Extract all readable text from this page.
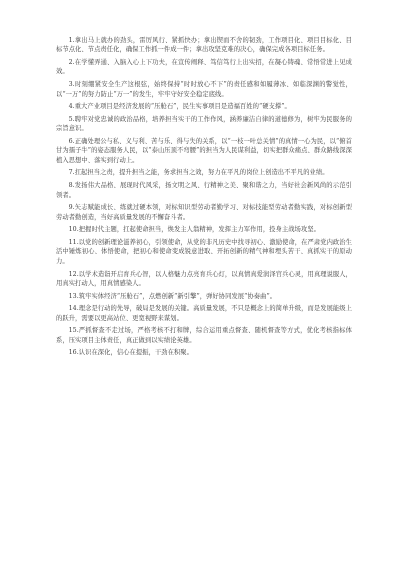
1.拿出马上就办的劲头，雷厉风行、紧抓快办；拿出锲而不舍的韧劲，工作项目化、项目目标化、目标节点化、节点责任化，确保工作抓一件成一件；拿出攻坚克难的决心，确保完成各项目标任务。

2.在学懂弄通、入脑入心上下功夫，在宣传阐释、笃信笃行上出实招，在凝心铸魂、常悟常进上见成效。

3.时刻绷紧安全生产这根弦，始终保持“时时放心不下”的责任感和如履薄冰、如临深渊的警觉性，以“一万”的努力防止“万一”的发生，牢牢守好安全稳定底线。

4.重大产业项目是经济发展的“压舱石”，民生实事项目是造福百姓的“硬支撑”。

5.聘牢对党忠诚的政治品格，培养担当实干的工作作风，涵养廉洁自律的道德修为，树牢为民服务的宗旨意识。

6.正确处理公与私、义与利、苦与乐、得与失的关系，以“一枝一叶总关情”的真情一心为民，以“俯首甘为孺子牛”的姿态服务人民，以“泰山压顶不弯腰”的担当为人民谋利益，切实把群众痛点、群众路线深深植入思想中、落实到行动上。

7.扛起担当之责，提升担当之能，务求担当之效，努力在平凡的岗位上创造出不平凡的业绩。

8.发扬伟大品格、展现时代风采，扬文明之风、行精神之美、聚和谐之力，当好社会新风尚的示范引领者。

9.矢志赋能成长、练就过硬本领，对标知识型劳动者勤学习、对标技能型劳动者勤实践，对标创新型劳动者勤创造，当好高质量发展的不懈奋斗者。

10.把握时代主题，扛起使命担当，焕发主人翁精神，发挥主力军作用，投身主战场攻坚。

11.以党的创新理论滋养初心，引领使命，从党的非凡历史中找寻初心、激励使命，在严肃党内政治生活中锤炼初心、体悟使命，把初心和使命变成锐意进取、开拓创新的精气神和埋头苦干、真抓实干的原动力。

12.以学术造诣开启育兵心智，以人格魅力点亮育兵心灯，以真情真爱润泽官兵心灵，用真理说服人，用真实打动人，用真情感染人。

13.筑牢实体经济“压舱石”，点燃创新“新引擎”，弹好协同发展“协奏曲”。

14.理念是行动的先导，破局是发展的关键。高质量发展，不只是概念上的简单升级，而是发展能级上的跃升，需要以更高站位、更宽视野来谋划。

15.严抓督查不走过场，严格考核不打和牌，综合运用重点督查、随机督查等方式，优化考核指标体系，压实项目主体责任，真正做到以实绩论英雄。

16.认识在深化，信心在提振，干劲在积聚。
